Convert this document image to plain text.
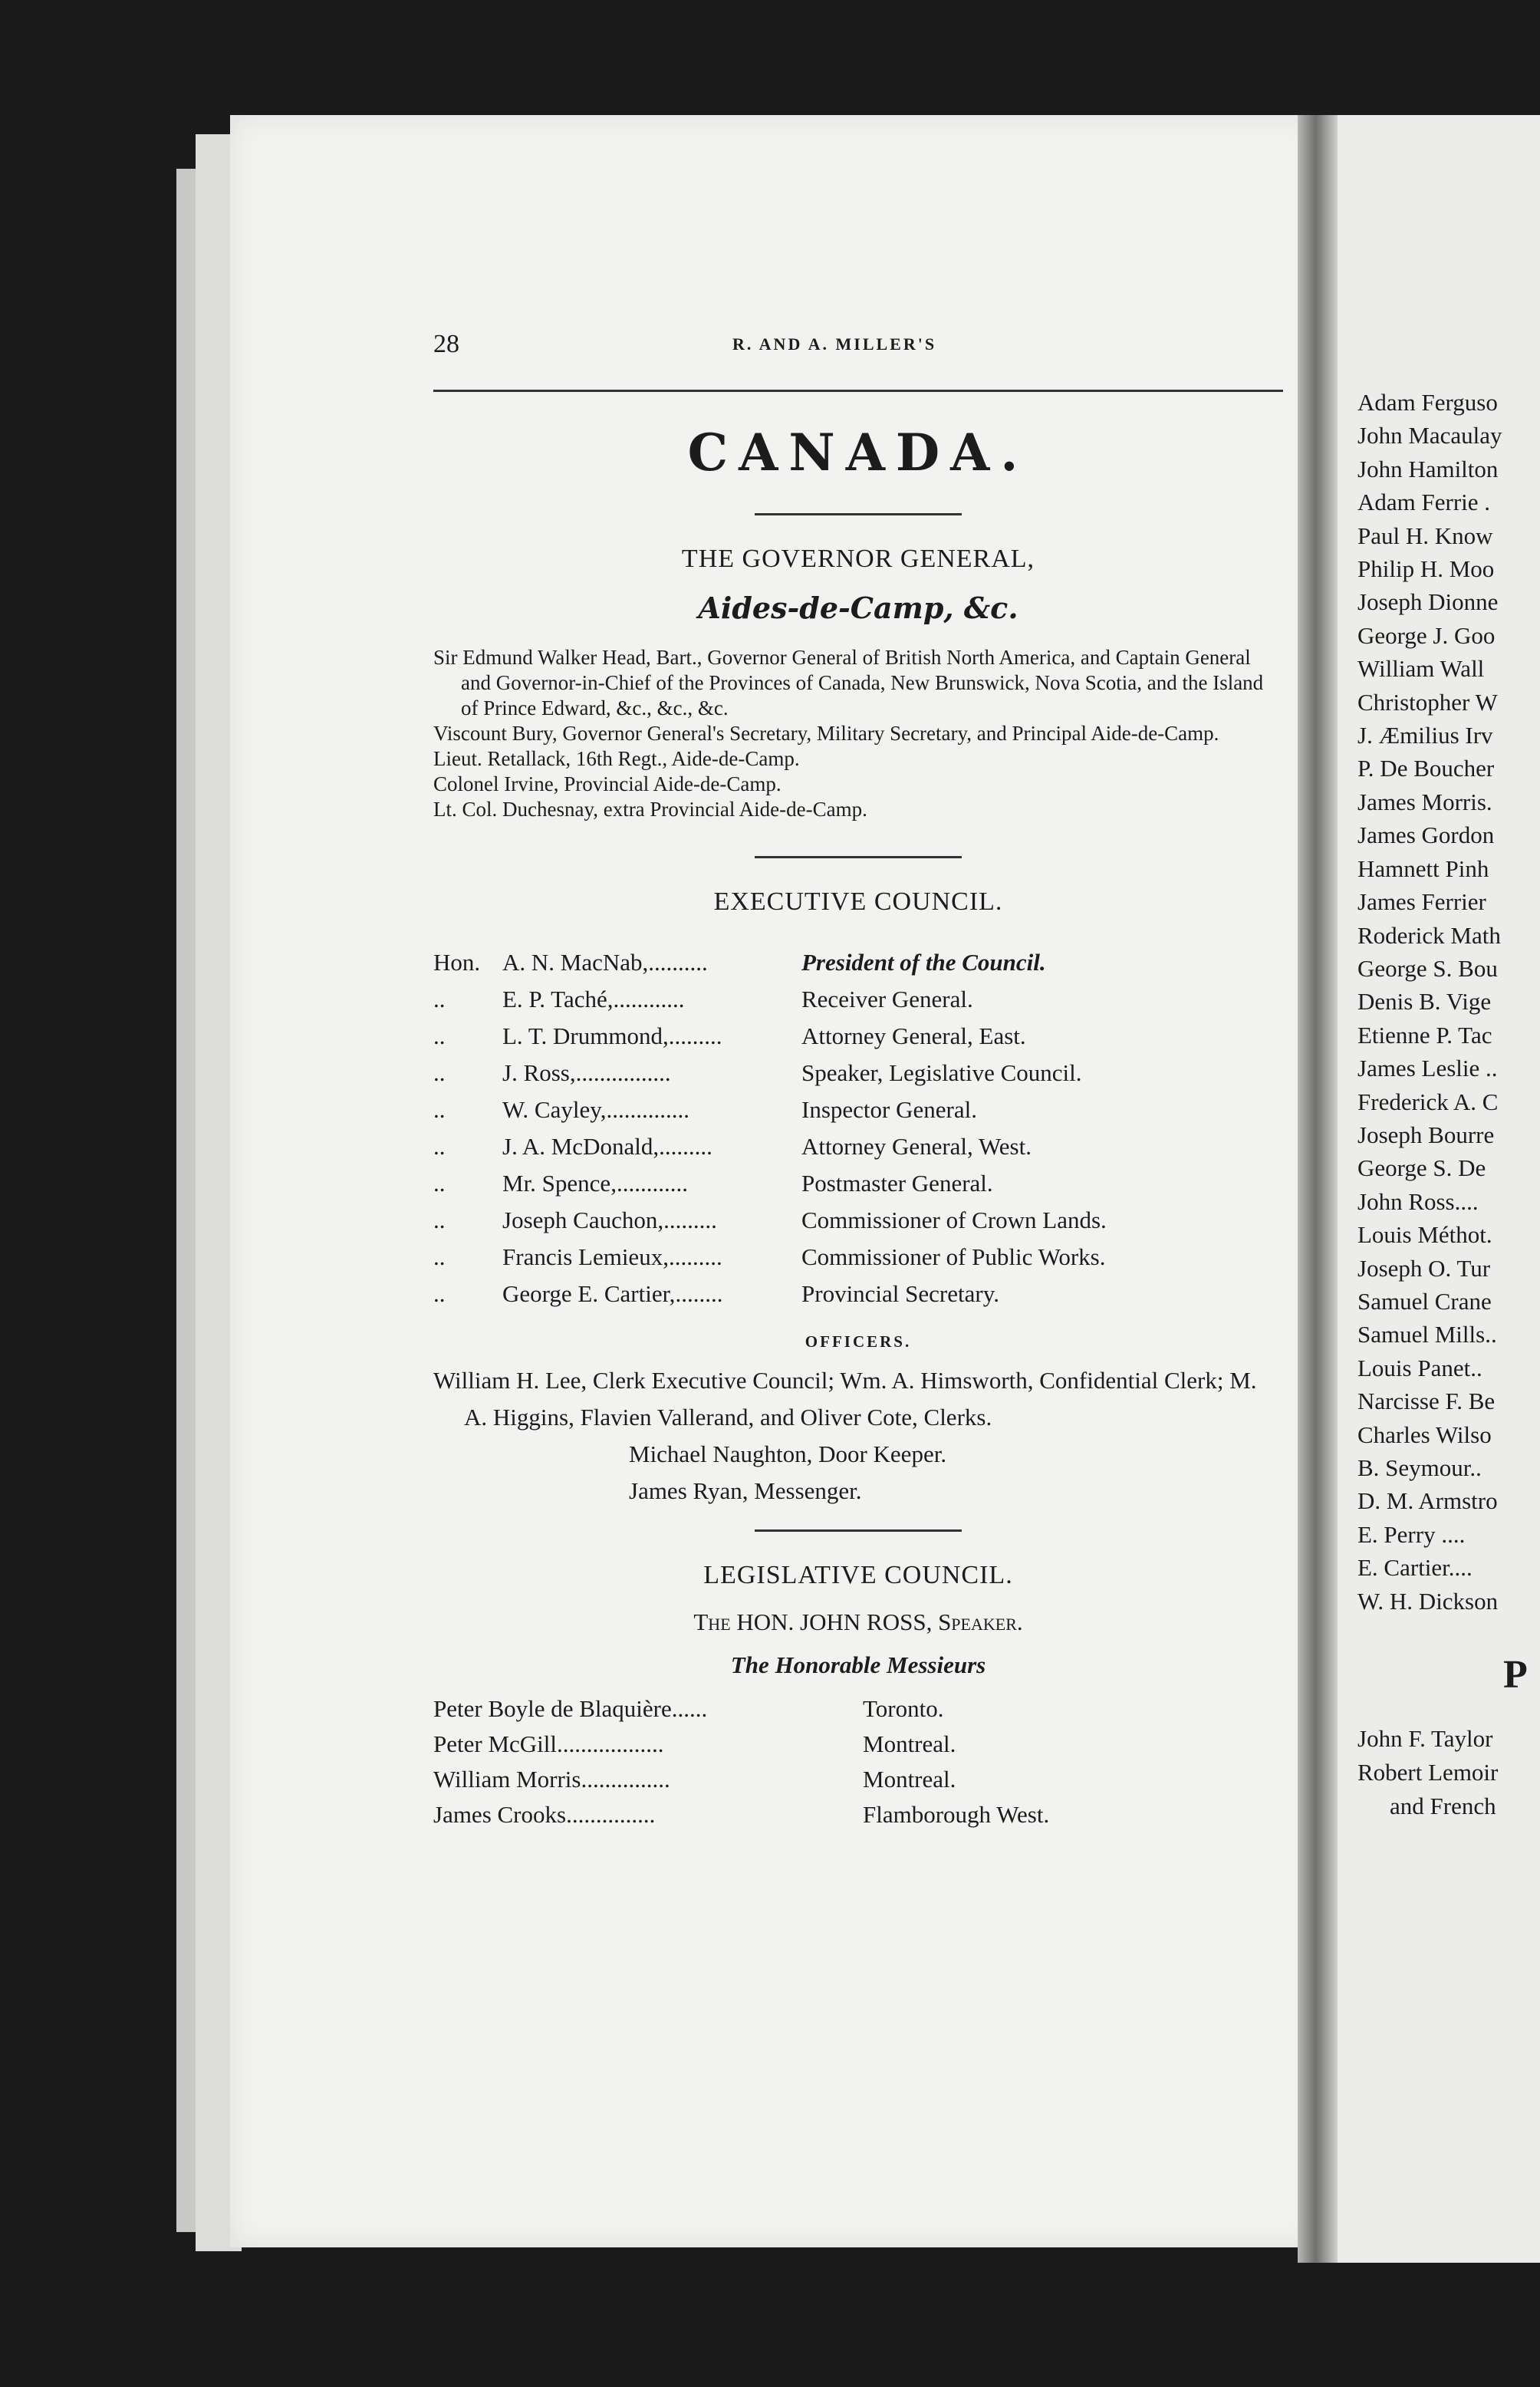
28	R. AND A. MILLER'S
CANADA.
THE GOVERNOR GENERAL,
Aides-de-Camp, &c.
Sir Edmund Walker Head, Bart., Governor General of British North America, and Captain General and Governor-in-Chief of the Provinces of Canada, New Brunswick, Nova Scotia, and the Island of Prince Edward, &c., &c., &c.
Viscount Bury, Governor General's Secretary, Military Secretary, and Principal Aide-de-Camp.
Lieut. Retallack, 16th Regt., Aide-de-Camp.
Colonel Irvine, Provincial Aide-de-Camp.
Lt. Col. Duchesnay, extra Provincial Aide-de-Camp.
EXECUTIVE COUNCIL.
Hon. A. N. MacNab,..........	President of the Council.
..	E. P. Taché,............	Receiver General.
..	L. T. Drummond,.........	Attorney General, East.
..	J. Ross,................	Speaker, Legislative Council.
..	W. Cayley,..............	Inspector General.
..	J. A. McDonald,.........	Attorney General, West.
..	Mr. Spence,............	Postmaster General.
..	Joseph Cauchon,.........	Commissioner of Crown Lands.
..	Francis Lemieux,.........	Commissioner of Public Works.
..	George E. Cartier,........	Provincial Secretary.
OFFICERS.
William H. Lee, Clerk Executive Council; Wm. A. Himsworth, Confidential Clerk; M. A. Higgins, Flavien Vallerand, and Oliver Cote, Clerks.
Michael Naughton, Door Keeper.
James Ryan, Messenger.
LEGISLATIVE COUNCIL.
The HON. JOHN ROSS, Speaker.
The Honorable Messieurs
Peter Boyle de Blaquière......	Toronto.
Peter McGill..................	Montreal.
William Morris...............	Montreal.
James Crooks...............	Flamborough West.
Adam Ferguso
John Macaulay
John Hamilton
Adam Ferrie .
Paul H. Know
Philip H. Moo
Joseph Dionne
George J. Goo
William Wall
Christopher W
J. Æmilius Irv
P. De Boucher
James Morris.
James Gordon
Hamnett Pinh
James Ferrier
Roderick Math
George S. Bou
Denis B. Vige
Etienne P. Tac
James Leslie ..
Frederick A. C
Joseph Bourre
George S. De
John Ross....
Louis Méthot.
Joseph O. Tur
Samuel Crane
Samuel Mills..
Louis Panet..
Narcisse F. Be
Charles Wilso
B. Seymour..
D. M. Armstro
E. Perry ....
E. Cartier....
W. H. Dickson
P
John F. Taylor
Robert Lemoir
and French
